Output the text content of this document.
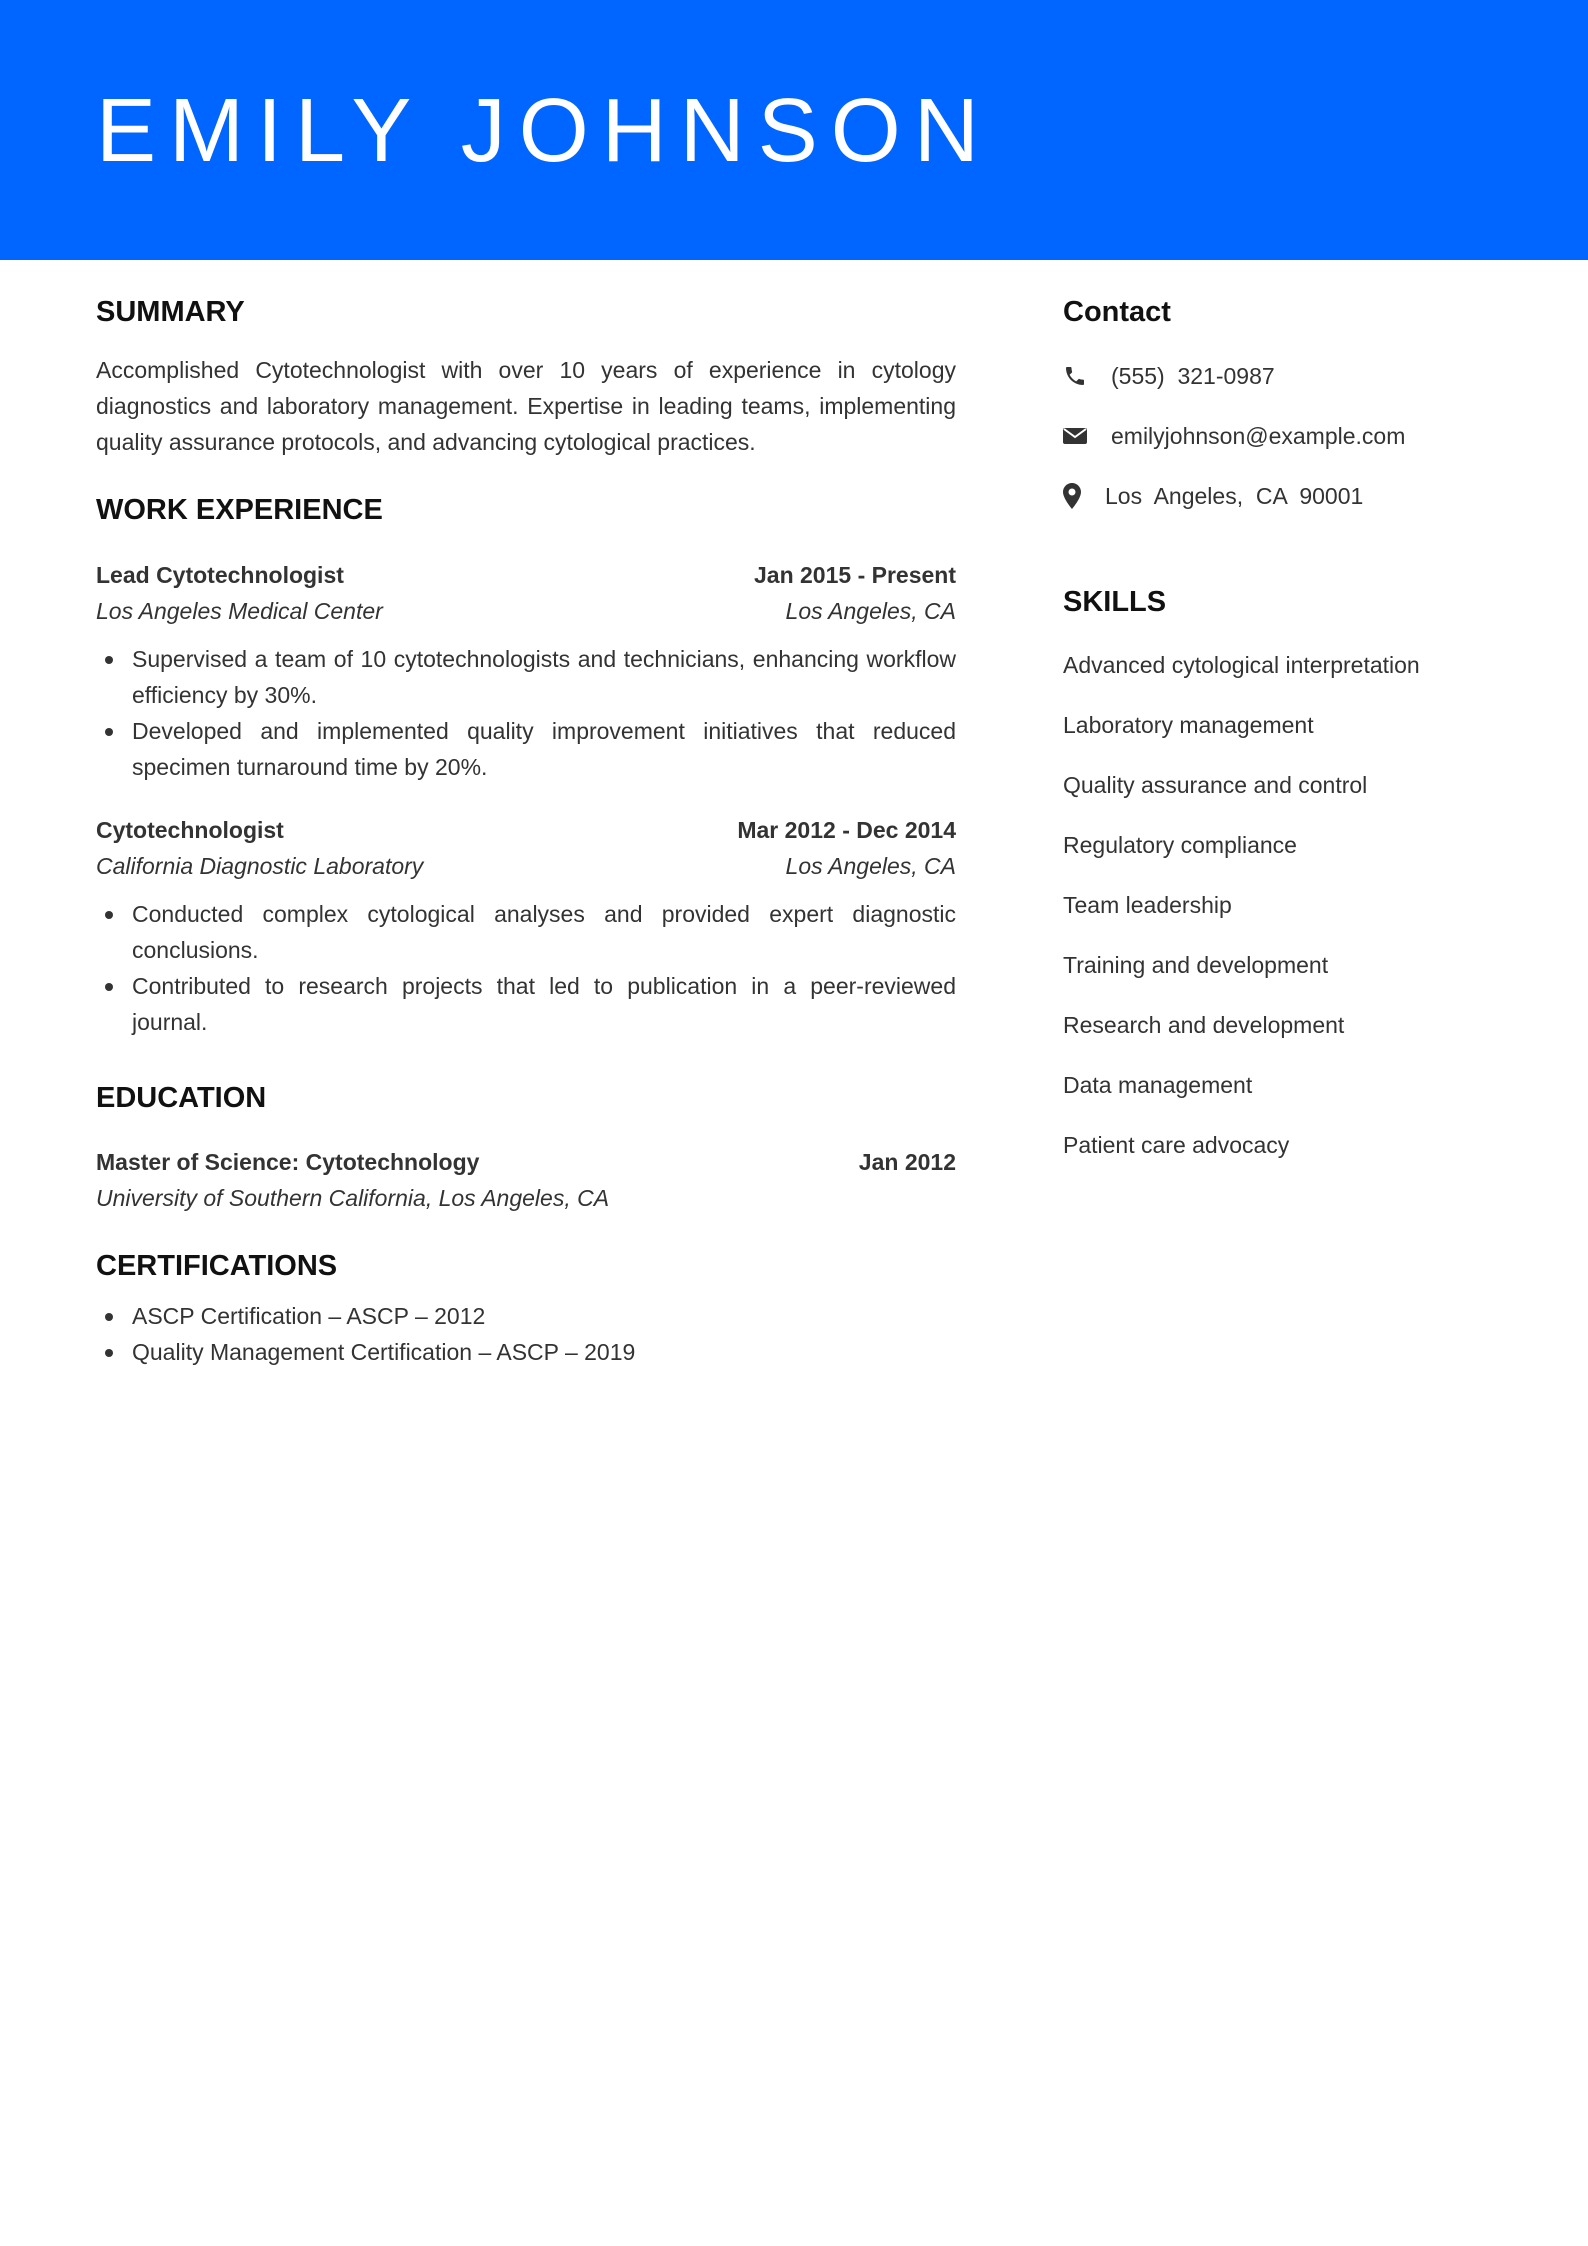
EMILY JOHNSON
SUMMARY

Accomplished Cytotechnologist with over 10 years of experience in cytology diagnostics and laboratory management. Expertise in leading teams, implementing quality assurance protocols, and advancing cytological practices.

WORK EXPERIENCE
Lead Cytotechnologist	Jan 2015 - Present
Los Angeles Medical Center	Los Angeles, CA
Supervised a team of 10 cytotechnologists and technicians, enhancing workflow efficiency by 30%.
Developed and implemented quality improvement initiatives that reduced specimen turnaround time by 20%.
Cytotechnologist	Mar 2012 - Dec 2014
California Diagnostic Laboratory	Los Angeles, CA
Conducted complex cytological analyses and provided expert diagnostic conclusions.
Contributed to research projects that led to publication in a peer-reviewed journal.
EDUCATION
Master of Science: Cytotechnology	Jan 2012
University of Southern California, Los Angeles, CA
CERTIFICATIONS
ASCP Certification – ASCP – 2012
Quality Management Certification – ASCP – 2019
Contact
(555)  321-0987
emilyjohnson@example.com
Los  Angeles,  CA  90001
SKILLS
Advanced cytological interpretation
Laboratory management
Quality assurance and control
Regulatory compliance
Team leadership
Training and development
Research and development
Data management
Patient care advocacy
